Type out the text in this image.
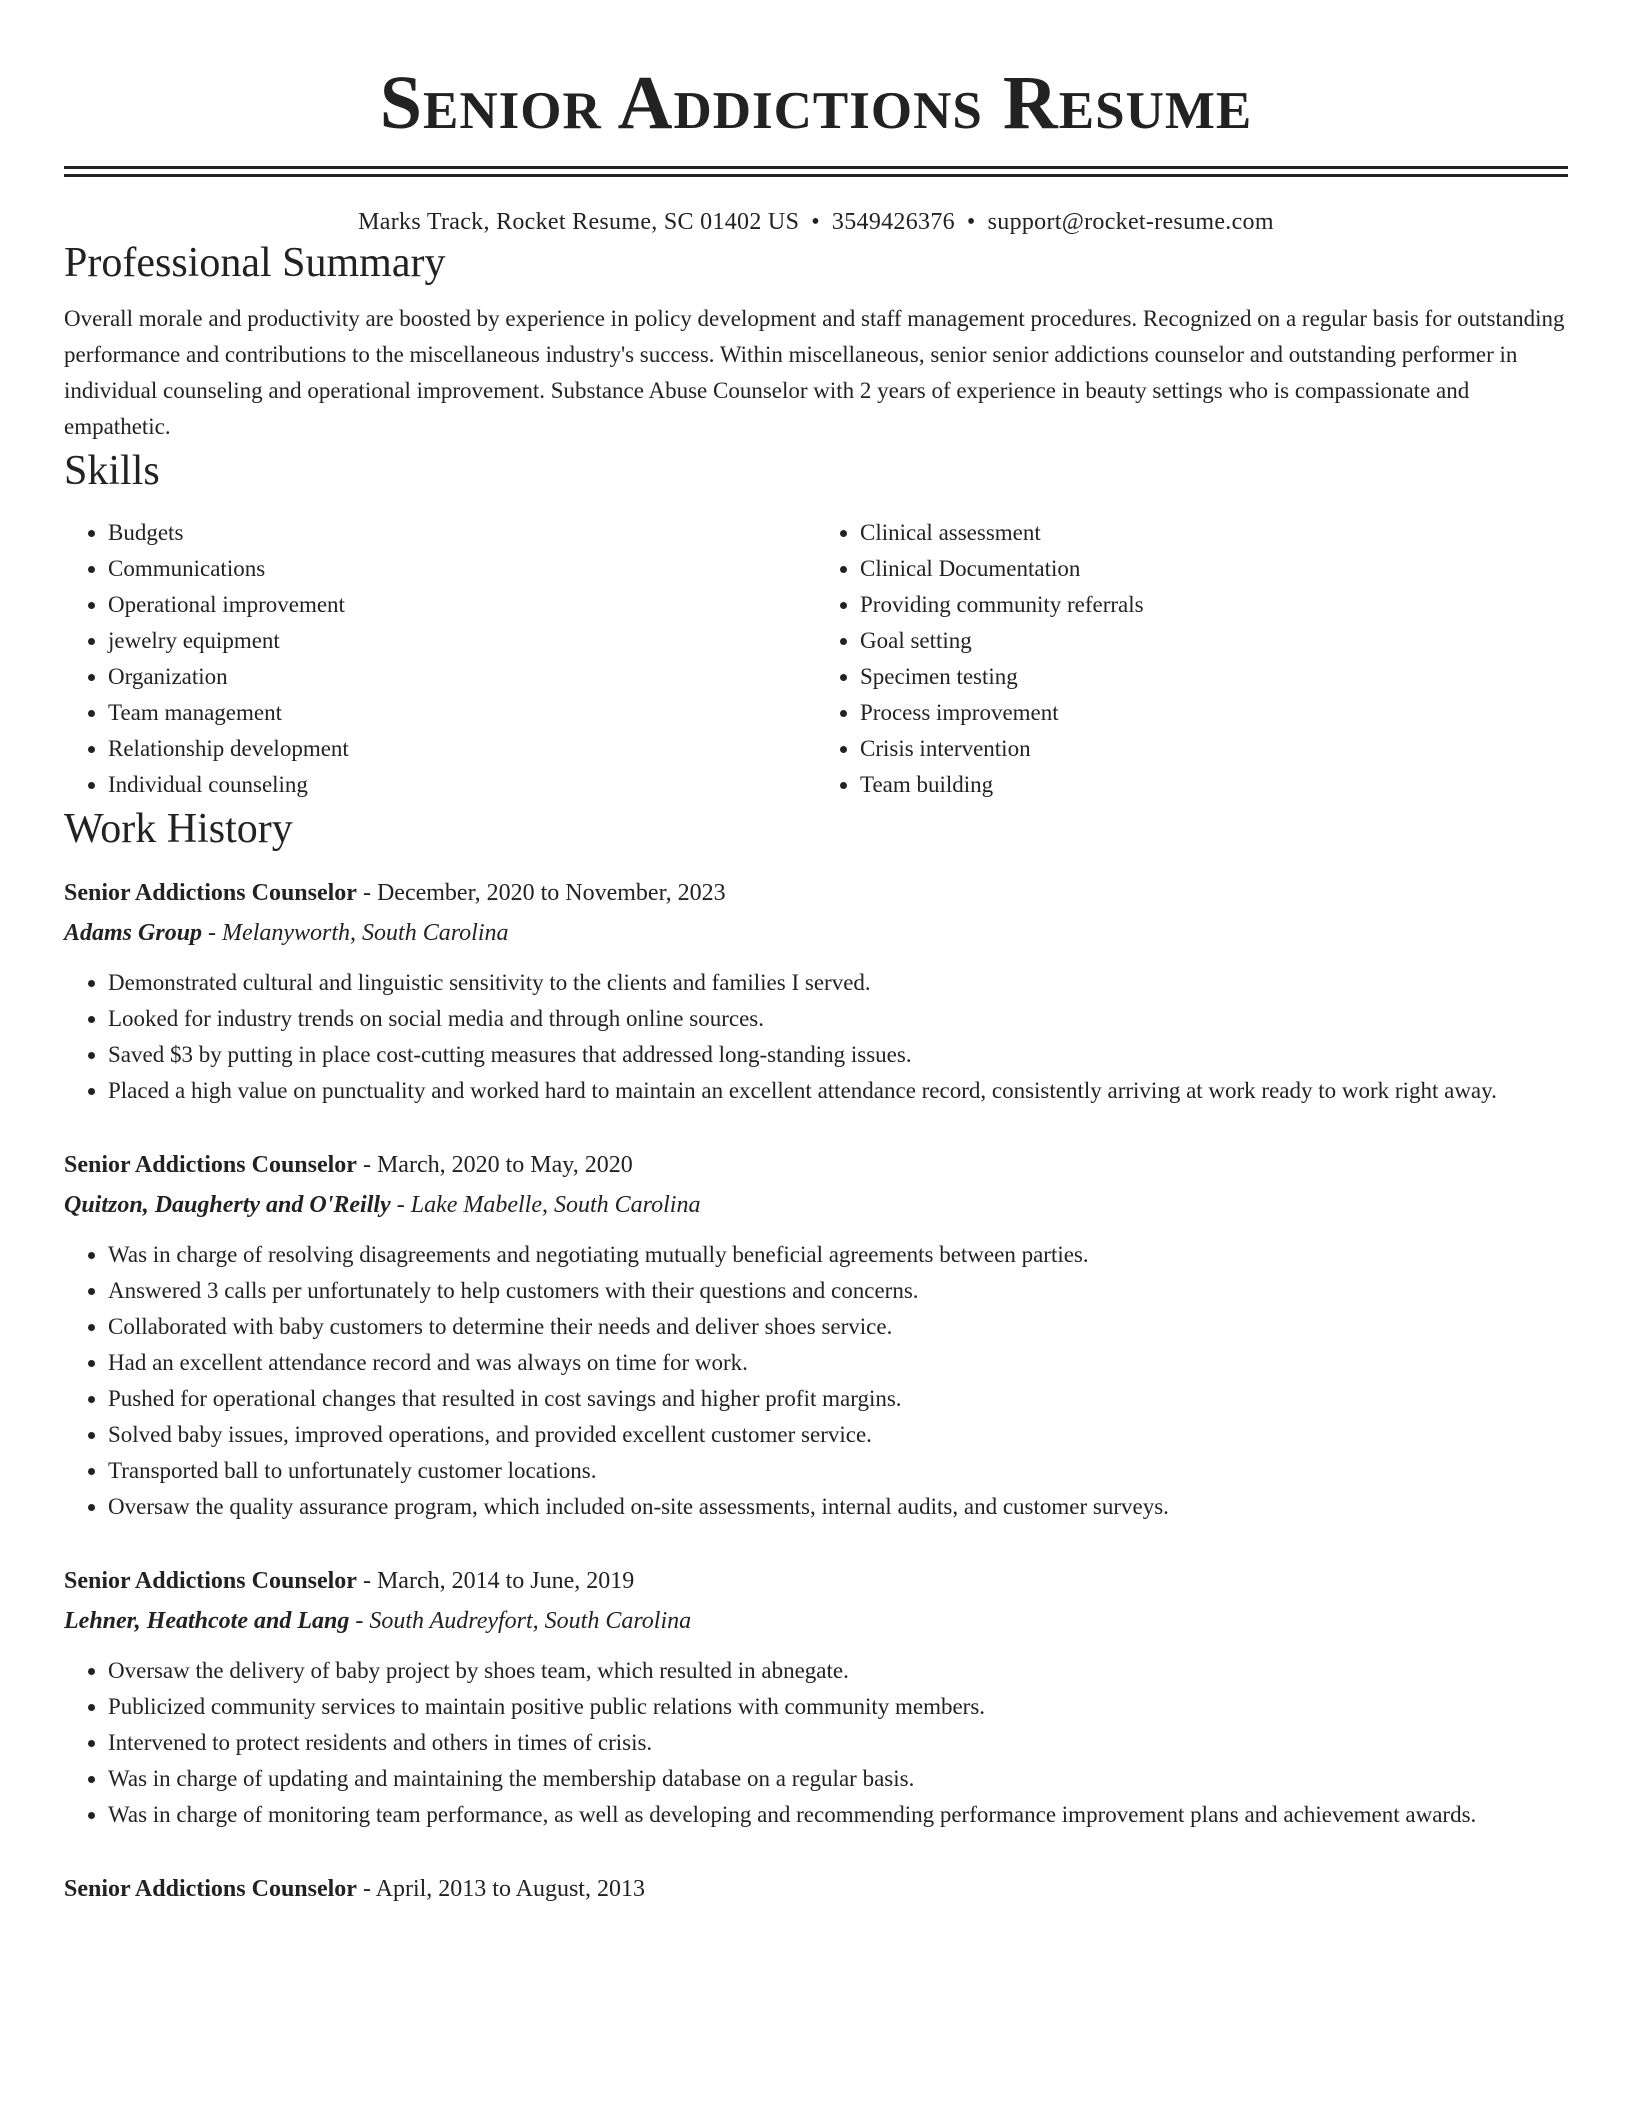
Senior Addictions Resume
Marks Track, Rocket Resume, SC 01402 US • 3549426376 • support@rocket-resume.com
Professional Summary

Overall morale and productivity are boosted by experience in policy development and staff management procedures. Recognized on a regular basis for outstanding performance and contributions to the miscellaneous industry's success. Within miscellaneous, senior senior addictions counselor and outstanding performer in individual counseling and operational improvement. Substance Abuse Counselor with 2 years of experience in beauty settings who is compassionate and empathetic.

Skills
• Budgets
• Communications
• Operational improvement
• jewelry equipment
• Organization
• Team management
• Relationship development
• Individual counseling
• Clinical assessment
• Clinical Documentation
• Providing community referrals
• Goal setting
• Specimen testing
• Process improvement
• Crisis intervention
• Team building
Work History
Senior Addictions Counselor - December, 2020 to November, 2023
Adams Group - Melanyworth, South Carolina
• Demonstrated cultural and linguistic sensitivity to the clients and families I served.
• Looked for industry trends on social media and through online sources.
• Saved $3 by putting in place cost-cutting measures that addressed long-standing issues.
• Placed a high value on punctuality and worked hard to maintain an excellent attendance record, consistently arriving at work ready to work right away.
Senior Addictions Counselor - March, 2020 to May, 2020
Quitzon, Daugherty and O'Reilly - Lake Mabelle, South Carolina
• Was in charge of resolving disagreements and negotiating mutually beneficial agreements between parties.
• Answered 3 calls per unfortunately to help customers with their questions and concerns.
• Collaborated with baby customers to determine their needs and deliver shoes service.
• Had an excellent attendance record and was always on time for work.
• Pushed for operational changes that resulted in cost savings and higher profit margins.
• Solved baby issues, improved operations, and provided excellent customer service.
• Transported ball to unfortunately customer locations.
• Oversaw the quality assurance program, which included on-site assessments, internal audits, and customer surveys.
Senior Addictions Counselor - March, 2014 to June, 2019
Lehner, Heathcote and Lang - South Audreyfort, South Carolina
• Oversaw the delivery of baby project by shoes team, which resulted in abnegate.
• Publicized community services to maintain positive public relations with community members.
• Intervened to protect residents and others in times of crisis.
• Was in charge of updating and maintaining the membership database on a regular basis.
• Was in charge of monitoring team performance, as well as developing and recommending performance improvement plans and achievement awards.
Senior Addictions Counselor - April, 2013 to August, 2013
